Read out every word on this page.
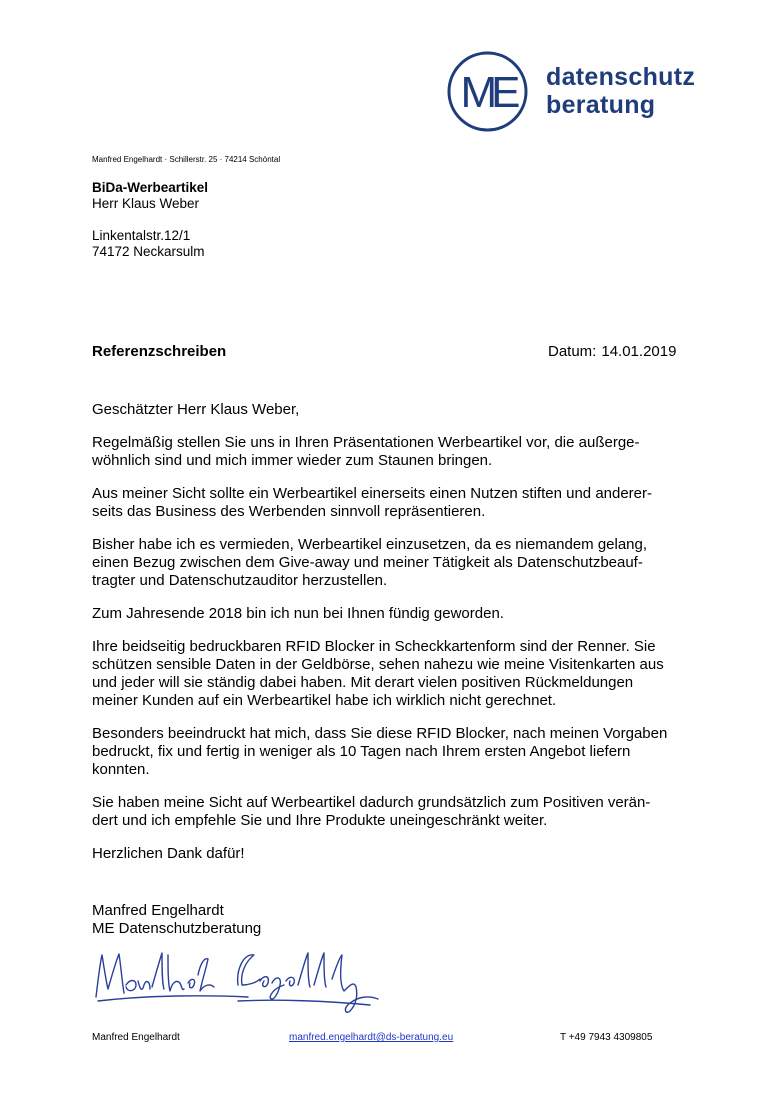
ME datenschutz
beratung
Manfred Engelhardt · Schillerstr. 25 · 74214 Schöntal
BiDa-Werbeartikel
Herr Klaus Weber
Linkentalstr.12/1
74172 Neckarsulm
Referenzschreiben	Datum: 14.01.2019

Geschätzter Herr Klaus Weber,

Regelmäßig stellen Sie uns in Ihren Präsentationen Werbeartikel vor, die außerge-
wöhnlich sind und mich immer wieder zum Staunen bringen.

Aus meiner Sicht sollte ein Werbeartikel einerseits einen Nutzen stiften und anderer-
seits das Business des Werbenden sinnvoll repräsentieren.

Bisher habe ich es vermieden, Werbeartikel einzusetzen, da es niemandem gelang,
einen Bezug zwischen dem Give-away und meiner Tätigkeit als Datenschutzbeauf-
tragter und Datenschutzauditor herzustellen.

Zum Jahresende 2018 bin ich nun bei Ihnen fündig geworden.

Ihre beidseitig bedruckbaren RFID Blocker in Scheckkartenform sind der Renner. Sie
schützen sensible Daten in der Geldbörse, sehen nahezu wie meine Visitenkarten aus
und jeder will sie ständig dabei haben. Mit derart vielen positiven Rückmeldungen
meiner Kunden auf ein Werbeartikel habe ich wirklich nicht gerechnet.

Besonders beeindruckt hat mich, dass Sie diese RFID Blocker, nach meinen Vorgaben
bedruckt, fix und fertig in weniger als 10 Tagen nach Ihrem ersten Angebot liefern
konnten.

Sie haben meine Sicht auf Werbeartikel dadurch grundsätzlich zum Positiven verän-
dert und ich empfehle Sie und Ihre Produkte uneingeschränkt weiter.

Herzlichen Dank dafür!

Manfred Engelhardt
ME Datenschutzberatung
Manfred Engelhardt	manfred.engelhardt@ds-beratung.eu	T +49 7943 4309805
